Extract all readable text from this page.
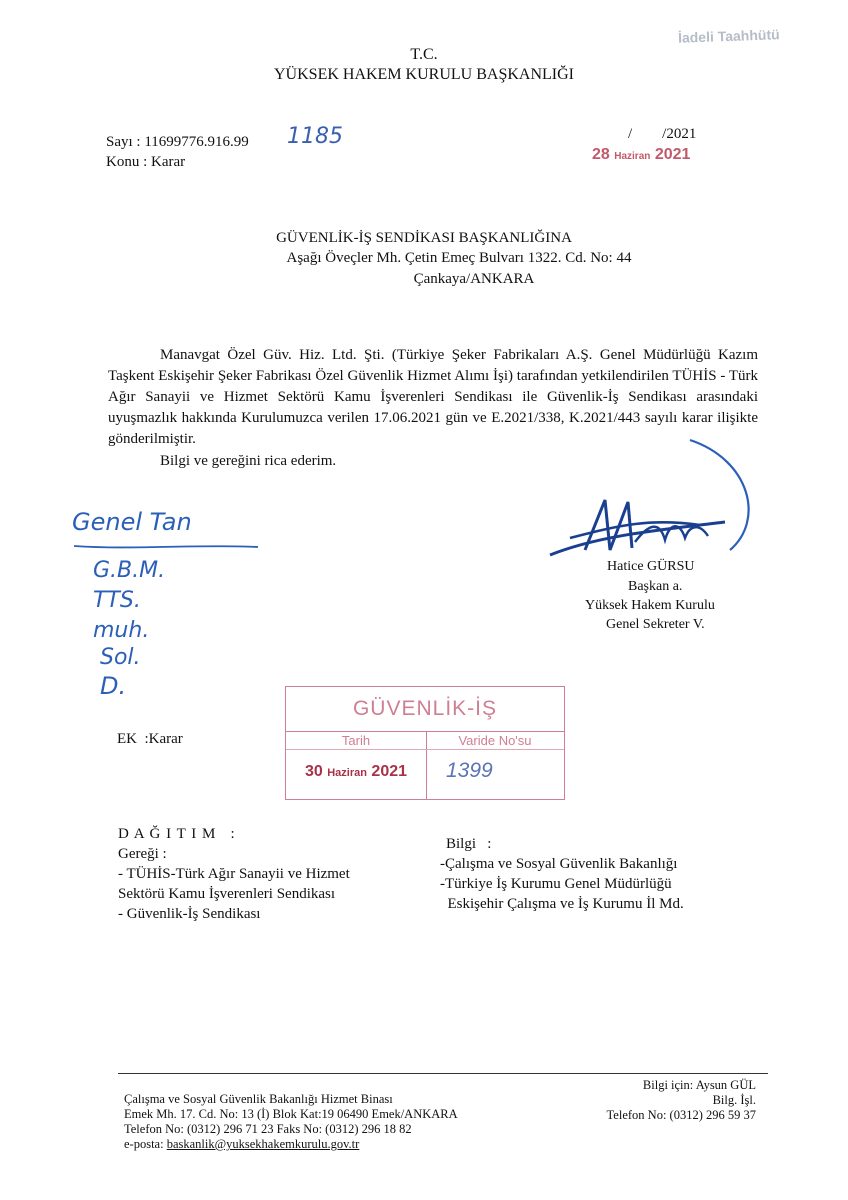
İadeli Taahhütü
T.C.
YÜKSEK HAKEM KURULU BAŞKANLIĞI
Sayı : 11699776.916.99 1185
Konu : Karar
/        /2021
28 Haziran 2021
GÜVENLİK-İŞ SENDİKASI BAŞKANLIĞINA
Aşağı Öveçler Mh. Çetin Emeç Bulvarı 1322. Cd. No: 44
Çankaya/ANKARA

Manavgat Özel Güv. Hiz. Ltd. Şti. (Türkiye Şeker Fabrikaları A.Ş. Genel Müdürlüğü Kazım Taşkent Eskişehir Şeker Fabrikası Özel Güvenlik Hizmet Alımı İşi) tarafından yetkilendirilen TÜHİS - Türk Ağır Sanayii ve Hizmet Sektörü Kamu İşverenleri Sendikası ile Güvenlik-İş Sendikası arasındaki uyuşmazlık hakkında Kurulumuzca verilen 17.06.2021 gün ve E.2021/338, K.2021/443 sayılı karar ilişikte gönderilmiştir.

Bilgi ve gereğini rica ederim.

Hatice GÜRSU
Başkan a.
Yüksek Hakem Kurulu
Genel Sekreter V.
Genel Tan
G.B.M.
TTS.
muh.
Sol.
D.
GÜVENLİK-İŞ
Tarih	Varide No'su
30 Haziran 2021	1399
EK  :Karar
D A Ğ I T I M   :
Gereği :
- TÜHİS-Türk Ağır Sanayii ve Hizmet
Sektörü Kamu İşverenleri Sendikası
- Güvenlik-İş Sendikası
Bilgi   :
-Çalışma ve Sosyal Güvenlik Bakanlığı
-Türkiye İş Kurumu Genel Müdürlüğü
Eskişehir Çalışma ve İş Kurumu İl Md.
Çalışma ve Sosyal Güvenlik Bakanlığı Hizmet Binası
Emek Mh. 17. Cd. No: 13 (İ) Blok Kat:19 06490 Emek/ANKARA
Telefon No: (0312) 296 71 23 Faks No: (0312) 296 18 82
e-posta: baskanlik@yuksekhakemkurulu.gov.tr
Bilgi için: Aysun GÜL
Bilg. İşl.
Telefon No: (0312) 296 59 37
